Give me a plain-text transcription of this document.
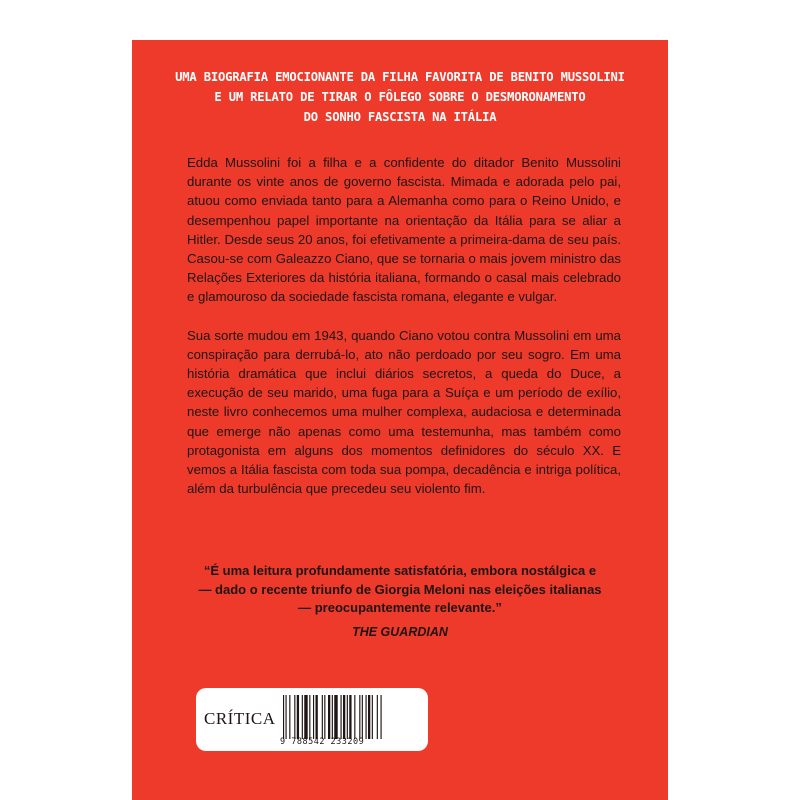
UMA BIOGRAFIA EMOCIONANTE DA FILHA FAVORITA DE BENITO MUSSOLINI
E UM RELATO DE TIRAR O FÔLEGO SOBRE O DESMORONAMENTO
DO SONHO FASCISTA NA ITÁLIA

Edda Mussolini foi a filha e a confidente do ditador Benito Mussolini durante os vinte anos de governo fascista. Mimada e adorada pelo pai, atuou como enviada tanto para a Alemanha como para o Reino Unido, e desempenhou papel importante na orientação da Itália para se aliar a Hitler. Desde seus 20 anos, foi efetivamente a primeira-dama de seu país. Casou-se com Galeazzo Ciano, que se tornaria o mais jovem ministro das Relações Exteriores da história italiana, formando o casal mais celebrado e glamouroso da sociedade fascista romana, elegante e vulgar.

Sua sorte mudou em 1943, quando Ciano votou contra Mussolini em uma conspiração para derrubá-lo, ato não perdoado por seu sogro. Em uma história dramática que inclui diários secretos, a queda do Duce, a execução de seu marido, uma fuga para a Suíça e um período de exílio, neste livro conhecemos uma mulher complexa, audaciosa e determinada que emerge não apenas como uma testemunha, mas também como protagonista em alguns dos momentos definidores do século XX. E vemos a Itália fascista com toda sua pompa, decadência e intriga política, além da turbulência que precedeu seu violento fim.

“É uma leitura profundamente satisfatória, embora nostálgica e
— dado o recente triunfo de Giorgia Meloni nas eleições italianas
— preocupantemente relevante.”
THE GUARDIAN
CRÍTICA
9 788542 233209
